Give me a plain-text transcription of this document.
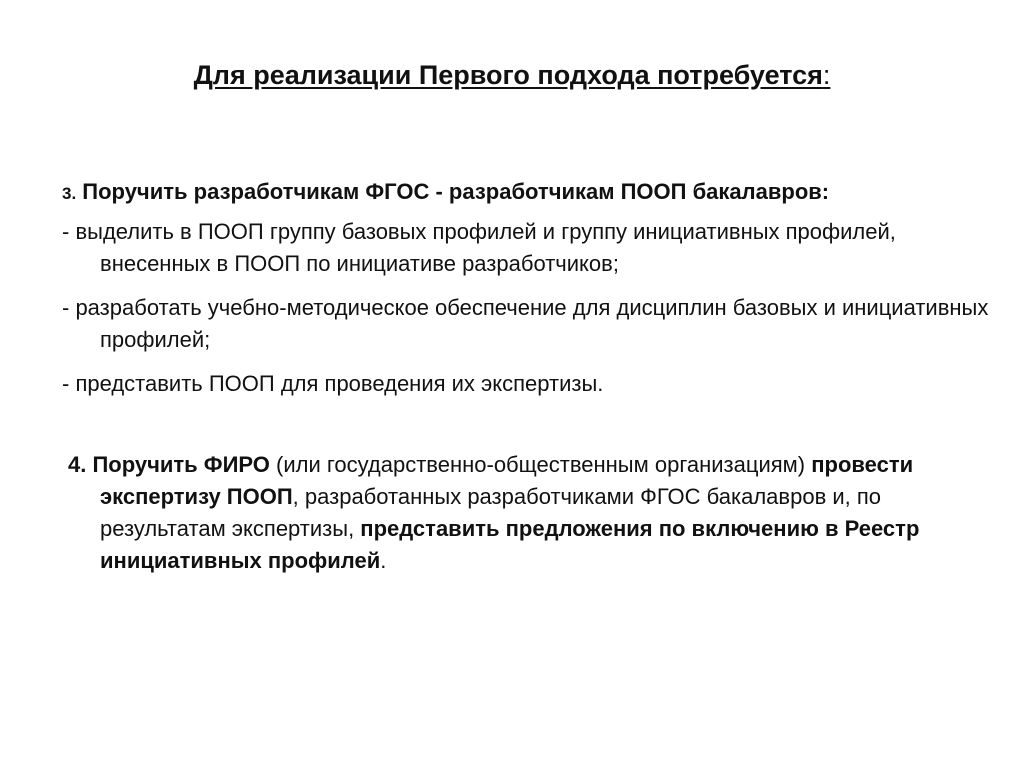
Для реализации Первого подхода потребуется:
3. Поручить разработчикам ФГОС - разработчикам ПООП бакалавров:
- выделить в ПООП группу базовых профилей и группу инициативных профилей, внесенных в ПООП по инициативе разработчиков;
- разработать учебно-методическое обеспечение для дисциплин базовых и инициативных профилей;
- представить ПООП для проведения их экспертизы.
4. Поручить ФИРО (или государственно-общественным организациям) провести экспертизу ПООП, разработанных разработчиками ФГОС бакалавров и, по результатам экспертизы, представить предложения по включению в Реестр инициативных профилей.
